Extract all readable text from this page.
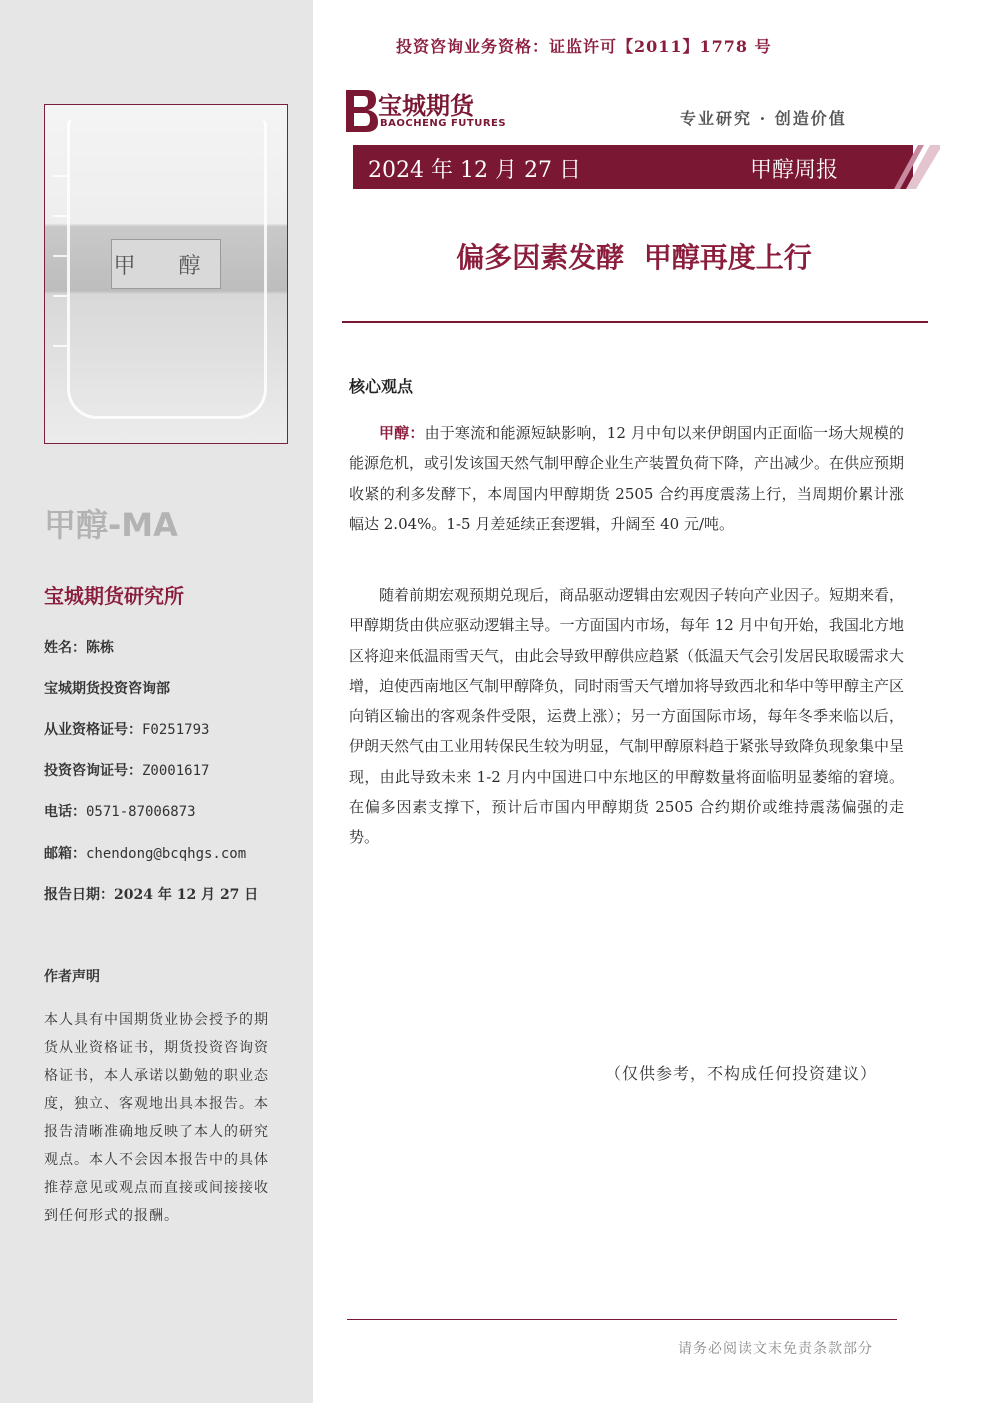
甲 醇
甲醇-MA
宝城期货研究所
姓名：陈栋
宝城期货投资咨询部
从业资格证号：F0251793
投资咨询证号：Z0001617
电话：0571-87006873
邮箱：chendong@bcqhgs.com
报告日期：2024 年 12 月 27 日
作者声明
本人具有中国期货业协会授予的期货从业资格证书，期货投资咨询资格证书，本人承诺以勤勉的职业态度，独立、客观地出具本报告。本报告清晰准确地反映了本人的研究观点。本人不会因本报告中的具体推荐意见或观点而直接或间接接收到任何形式的报酬。
投资咨询业务资格：证监许可【2011】1778 号
宝城期货
BAOCHENG FUTURES	专业研究 · 创造价值
2024 年 12 月 27 日	甲醇周报
偏多因素发酵  甲醇再度上行
核心观点
甲醇：由于寒流和能源短缺影响，12 月中旬以来伊朗国内正面临一场大规模的能源危机，或引发该国天然气制甲醇企业生产装置负荷下降，产出减少。在供应预期收紧的利多发酵下，本周国内甲醇期货 2505 合约再度震荡上行，当周期价累计涨幅达 2.04%。1-5 月差延续正套逻辑，升阔至 40 元/吨。
随着前期宏观预期兑现后，商品驱动逻辑由宏观因子转向产业因子。短期来看，甲醇期货由供应驱动逻辑主导。一方面国内市场，每年 12 月中旬开始，我国北方地区将迎来低温雨雪天气，由此会导致甲醇供应趋紧（低温天气会引发居民取暖需求大增，迫使西南地区气制甲醇降负，同时雨雪天气增加将导致西北和华中等甲醇主产区向销区输出的客观条件受限，运费上涨）；另一方面国际市场，每年冬季来临以后，伊朗天然气由工业用转保民生较为明显，气制甲醇原料趋于紧张导致降负现象集中呈现，由此导致未来 1-2 月内中国进口中东地区的甲醇数量将面临明显萎缩的窘境。在偏多因素支撑下，预计后市国内甲醇期货 2505 合约期价或维持震荡偏强的走势。
（仅供参考，不构成任何投资建议）
请务必阅读文末免责条款部分
